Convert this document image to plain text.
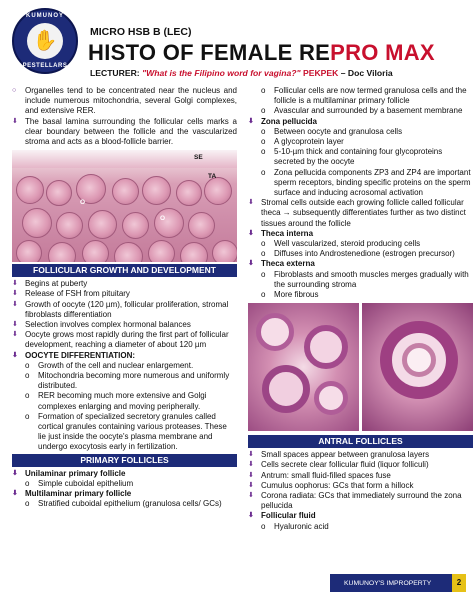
KUMUNOY
✋
PESTELLARS
MICRO HSB B (LEC)
HISTO OF FEMALE REPRO MAX
LECTURER: "What is the Filipino word for vagina?" PEKPEK – Doc Viloria
○	Organelles tend to be concentrated near the nucleus and include numerous mitochondria, several Golgi complexes, and extensive RER.
⬇ The basal lamina surrounding the follicular cells marks a clear boundary between the follicle and the vascularized stroma and acts as a blood-follicle barrier.
SE
TA
O
O
FOLLICULAR GROWTH AND DEVELOPMENT
⬇ Begins at puberty
⬇ Release of FSH from pituitary
⬇ Growth of oocyte (120 µm), follicular proliferation, stromal fibroblasts differentiation
⬇ Selection involves complex hormonal balances
⬇ Oocyte grows most rapidly during the first part of follicular development, reaching a diameter of about 120 µm
⬇ OOCYTE DIFFERENTIATION:
o Growth of the cell and nuclear enlargement.
o Mitochondria becoming more numerous and uniformly distributed.
o RER becoming much more extensive and Golgi complexes enlarging and moving peripherally.
o Formation of specialized secretory granules called cortical granules containing various proteases. These lie just inside the oocyte's plasma membrane and undergo exocytosis early in fertilization.
PRIMARY FOLLICLES
⬇ Unilaminar primary follicle
o Simple cuboidal epithelium
⬇ Multilaminar primary follicle
o Stratified cuboidal epithelium (granulosa cells/ GCs)
o Follicular cells are now termed granulosa cells and the follicle is a multilaminar primary follicle
o Avascular and surrounded by a basement membrane
⬇ Zona pellucida
o Between oocyte and granulosa cells
o A glycoprotein layer
o 5-10-µm thick and containing four glycoproteins secreted by the oocyte
o Zona pellucida components ZP3 and ZP4 are important sperm receptors, binding specific proteins on the sperm surface and inducing acrosomal activation
⬇ Stromal cells outside each growing follicle called follicular theca → subsequently differentiates further as two distinct tissues around the follicle
⬇ Theca interna
o Well vascularized, steroid producing cells
o Diffuses into Androstenedione (estrogen precursor)
⬇ Theca externa
o Fibroblasts and smooth muscles merges gradually with the surrounding stroma
o More fibrous
ANTRAL FOLLICLES
⬇ Small spaces appear between granulosa layers
⬇ Cells secrete clear follicular fluid (liquor folliculi)
⬇ Antrum: small fluid-filled spaces fuse
⬇ Cumulus oophorus: GCs that form a hillock
⬇ Corona radiata: GCs that immediately surround the zona pellucida
⬇ Follicular fluid
o Hyaluronic acid
KUMUNOY'S IMPROPERTY	2
